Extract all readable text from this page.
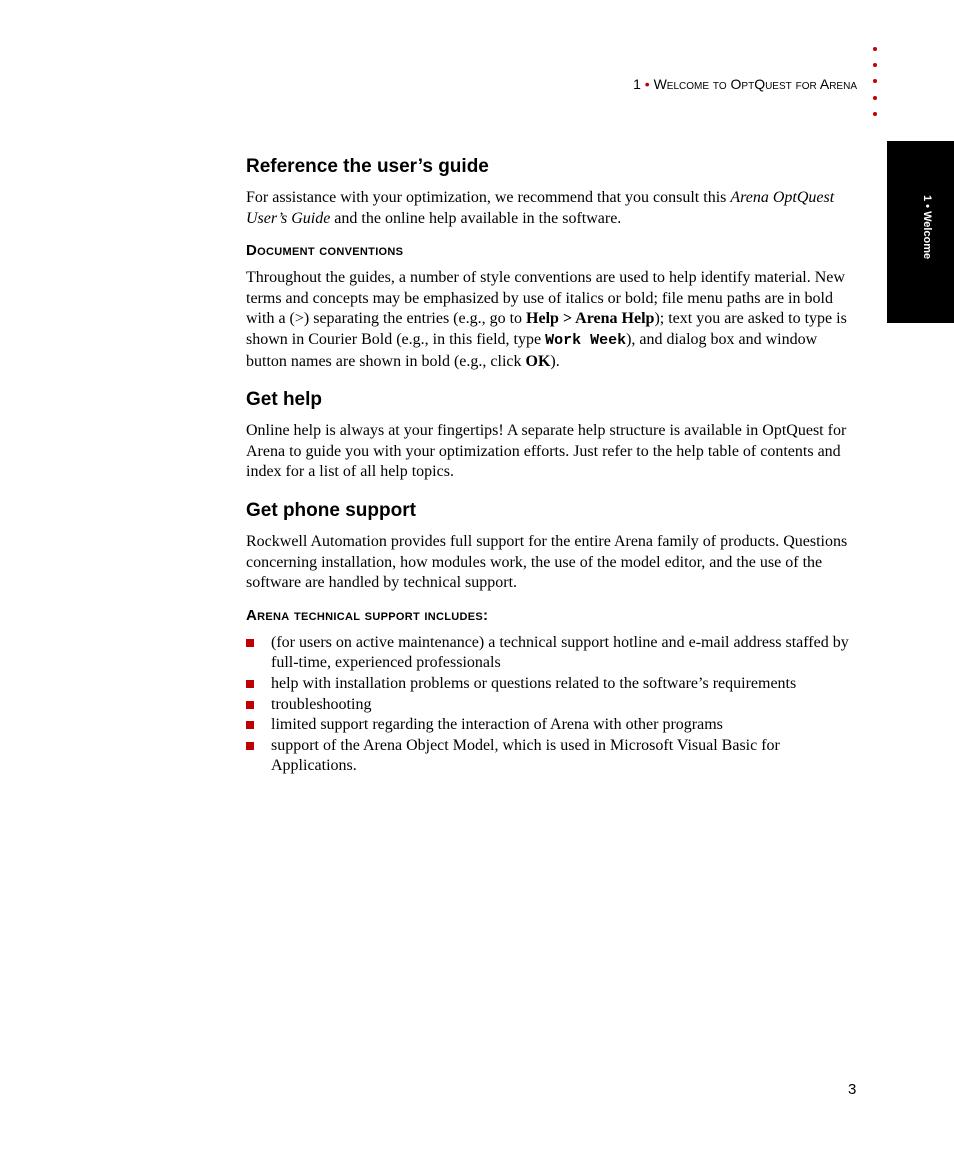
1 • Welcome to OptQuest for Arena
1 • Welcome
Reference the user’s guide

For assistance with your optimization, we recommend that you consult this Arena OptQuest User’s Guide and the online help available in the software.

Document conventions

Throughout the guides, a number of style conventions are used to help identify material. New terms and concepts may be emphasized by use of italics or bold; file menu paths are in bold with a (>) separating the entries (e.g., go to Help > Arena Help); text you are asked to type is shown in Courier Bold (e.g., in this field, type Work Week), and dialog box and window button names are shown in bold (e.g., click OK).

Get help

Online help is always at your fingertips! A separate help structure is available in OptQuest for Arena to guide you with your optimization efforts. Just refer to the help table of contents and index for a list of all help topics.

Get phone support

Rockwell Automation provides full support for the entire Arena family of products. Questions concerning installation, how modules work, the use of the model editor, and the use of the software are handled by technical support.

Arena technical support includes:
(for users on active maintenance) a technical support hotline and e-mail address staffed by full-time, experienced professionals
help with installation problems or questions related to the software’s requirements
troubleshooting
limited support regarding the interaction of Arena with other programs
support of the Arena Object Model, which is used in Microsoft Visual Basic for Applications.
3
